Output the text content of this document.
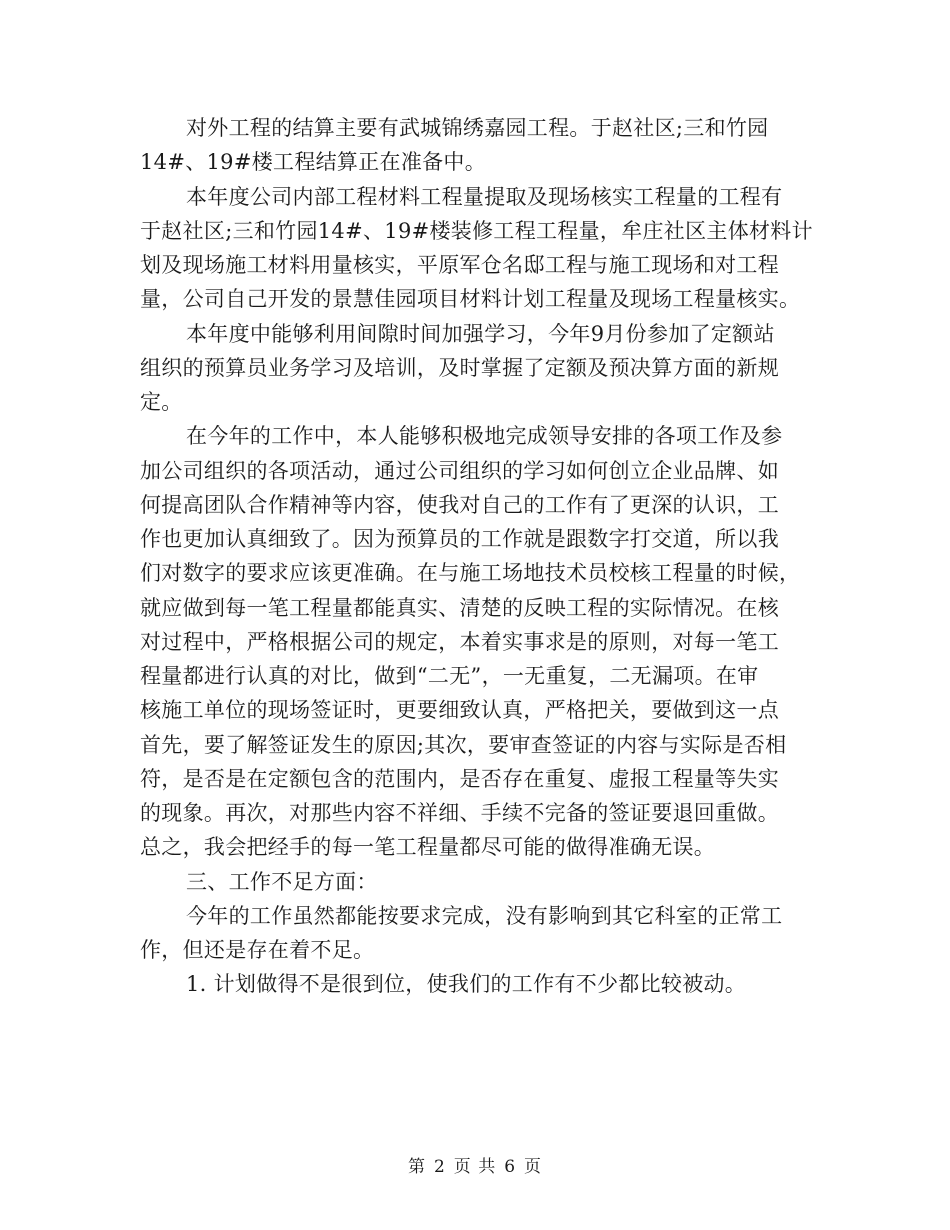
对外工程的结算主要有武城锦绣嘉园工程。于赵社区;三和竹园
14#、19#楼工程结算正在准备中。
本年度公司内部工程材料工程量提取及现场核实工程量的工程有
于赵社区;三和竹园14#、19#楼装修工程工程量，牟庄社区主体材料计
划及现场施工材料用量核实，平原军仓名邸工程与施工现场和对工程
量，公司自己开发的景慧佳园项目材料计划工程量及现场工程量核实。
本年度中能够利用间隙时间加强学习，今年9月份参加了定额站
组织的预算员业务学习及培训，及时掌握了定额及预决算方面的新规
定。
在今年的工作中，本人能够积极地完成领导安排的各项工作及参
加公司组织的各项活动，通过公司组织的学习如何创立企业品牌、如
何提高团队合作精神等内容，使我对自己的工作有了更深的认识，工
作也更加认真细致了。因为预算员的工作就是跟数字打交道，所以我
们对数字的要求应该更准确。在与施工场地技术员校核工程量的时候，
就应做到每一笔工程量都能真实、清楚的反映工程的实际情况。在核
对过程中，严格根据公司的规定，本着实事求是的原则，对每一笔工
程量都进行认真的对比，做到“二无”，一无重复，二无漏项。在审
核施工单位的现场签证时，更要细致认真，严格把关，要做到这一点
首先，要了解签证发生的原因;其次，要审查签证的内容与实际是否相
符，是否是在定额包含的范围内，是否存在重复、虚报工程量等失实
的现象。再次，对那些内容不祥细、手续不完备的签证要退回重做。
总之，我会把经手的每一笔工程量都尽可能的做得准确无误。
三、工作不足方面：
今年的工作虽然都能按要求完成，没有影响到其它科室的正常工
作，但还是存在着不足。
1. 计划做得不是很到位，使我们的工作有不少都比较被动。
第 2 页 共 6 页
